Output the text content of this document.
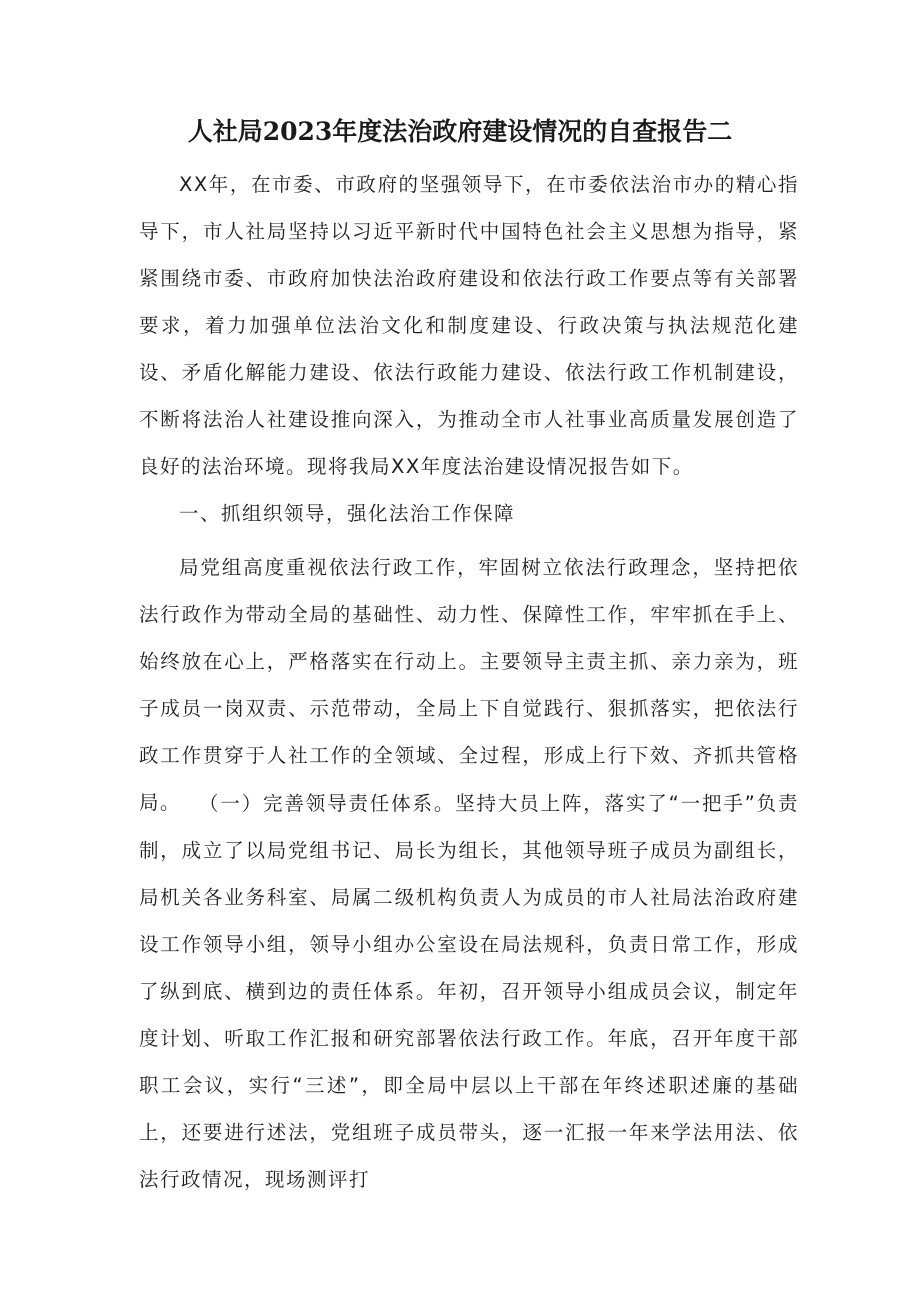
人社局2023年度法治政府建设情况的自查报告二

XX年，在市委、市政府的坚强领导下，在市委依法治市办的精心指导下，市人社局坚持以习近平新时代中国特色社会主义思想为指导，紧紧围绕市委、市政府加快法治政府建设和依法行政工作要点等有关部署要求，着力加强单位法治文化和制度建设、行政决策与执法规范化建设、矛盾化解能力建设、依法行政能力建设、依法行政工作机制建设，不断将法治人社建设推向深入，为推动全市人社事业高质量发展创造了良好的法治环境。现将我局XX年度法治建设情况报告如下。

一、抓组织领导，强化法治工作保障

局党组高度重视依法行政工作，牢固树立依法行政理念，坚持把依法行政作为带动全局的基础性、动力性、保障性工作，牢牢抓在手上、始终放在心上，严格落实在行动上。主要领导主责主抓、亲力亲为，班子成员一岗双责、示范带动，全局上下自觉践行、狠抓落实，把依法行政工作贯穿于人社工作的全领域、全过程，形成上行下效、齐抓共管格局。 （一）完善领导责任体系。坚持大员上阵，落实了“一把手”负责制，成立了以局党组书记、局长为组长，其他领导班子成员为副组长，局机关各业务科室、局属二级机构负责人为成员的市人社局法治政府建设工作领导小组，领导小组办公室设在局法规科，负责日常工作，形成了纵到底、横到边的责任体系。年初，召开领导小组成员会议，制定年度计划、听取工作汇报和研究部署依法行政工作。年底，召开年度干部职工会议，实行“三述”，即全局中层以上干部在年终述职述廉的基础上，还要进行述法，党组班子成员带头，逐一汇报一年来学法用法、依法行政情况，现场测评打
